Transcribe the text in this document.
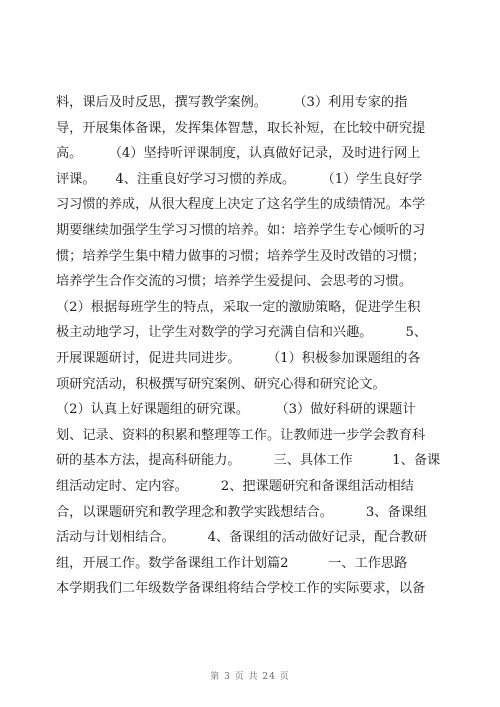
料，课后及时反思，撰写教学案例。　　　（3）利用专家的指
导，开展集体备课，发挥集体智慧，取长补短，在比较中研究提
高。　　　（4）坚持听评课制度，认真做好记录，及时进行网上
评课。　　4、注重良好学习习惯的养成。　　　（1）学生良好学
习习惯的养成，从很大程度上决定了这名学生的成绩情况。本学
期要继续加强学生学习习惯的培养。如：培养学生专心倾听的习
惯；培养学生集中精力做事的习惯；培养学生及时改错的习惯；
培养学生合作交流的习惯；培养学生爱提问、会思考的习惯。
（2）根据每班学生的特点，采取一定的激励策略，促进学生积
极主动地学习，让学生对数学的学习充满自信和兴趣。　　　5、
开展课题研讨，促进共同进步。　　　（1）积极参加课题组的各
项研究活动，积极撰写研究案例、研究心得和研究论文。
（2）认真上好课题组的研究课。　　　（3）做好科研的课题计
划、记录、资料的积累和整理等工作。让教师进一步学会教育科
研的基本方法，提高科研能力。　　　三、具体工作　　　1、备课
组活动定时、定内容。　　　2、把课题研究和备课组活动相结
合，以课题研究和教学理念和教学实践想结合。　　　3、备课组
活动与计划相结合。　　　4、备课组的活动做好记录，配合教研
组，开展工作。数学备课组工作计划篇2　　　一、工作思路
本学期我们二年级数学备课组将结合学校工作的实际要求，以备
第 3 页 共 24 页
